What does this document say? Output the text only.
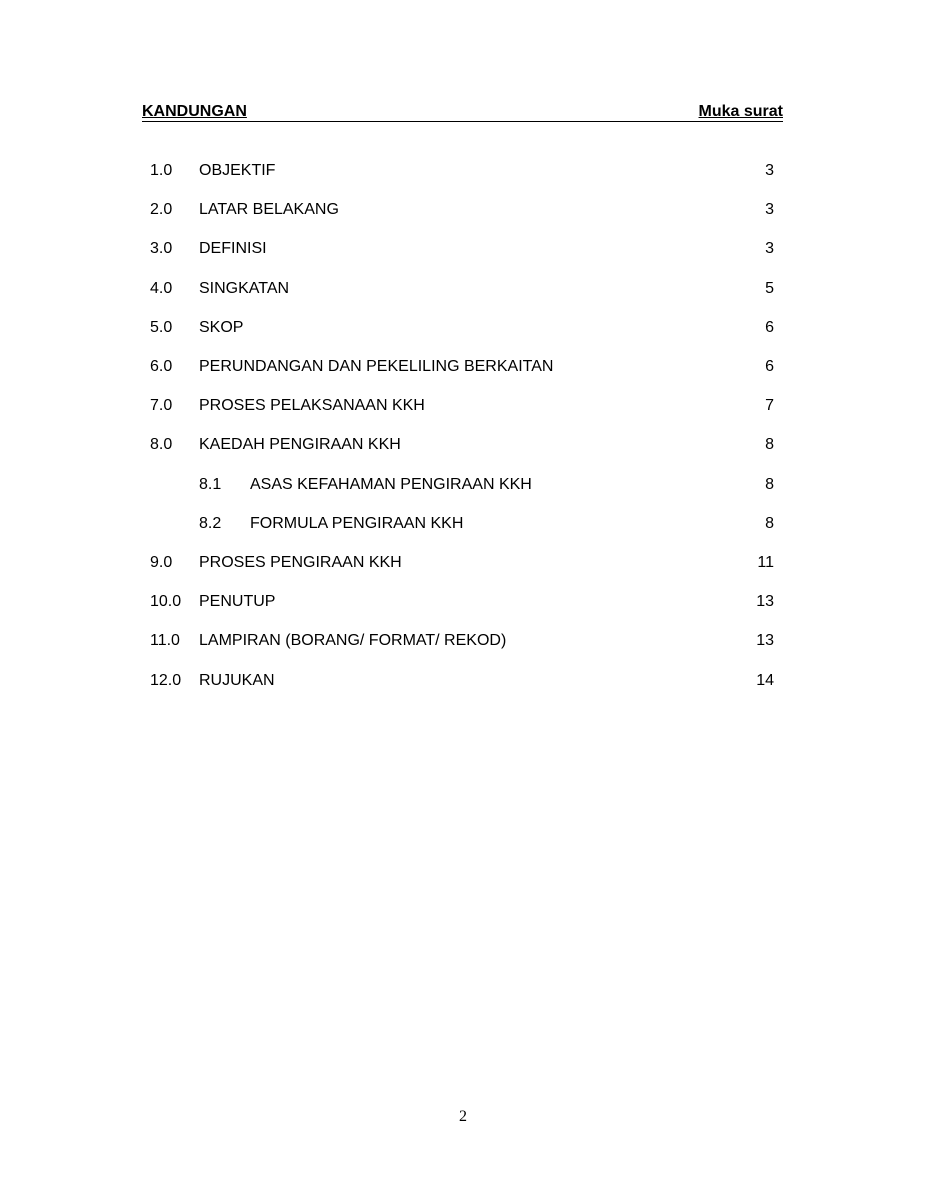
KANDUNGAN	Muka surat
1.0 OBJEKTIF	3
2.0 LATAR BELAKANG	3
3.0 DEFINISI	3
4.0 SINGKATAN	5
5.0 SKOP	6
6.0 PERUNDANGAN DAN PEKELILING BERKAITAN	6
7.0 PROSES PELAKSANAAN KKH	7
8.0 KAEDAH PENGIRAAN KKH	8
8.1 ASAS KEFAHAMAN PENGIRAAN KKH	8
8.2 FORMULA PENGIRAAN KKH	8
9.0 PROSES PENGIRAAN KKH	11
10.0 PENUTUP	13
11.0 LAMPIRAN (BORANG/ FORMAT/ REKOD)	13
12.0 RUJUKAN	14
2
